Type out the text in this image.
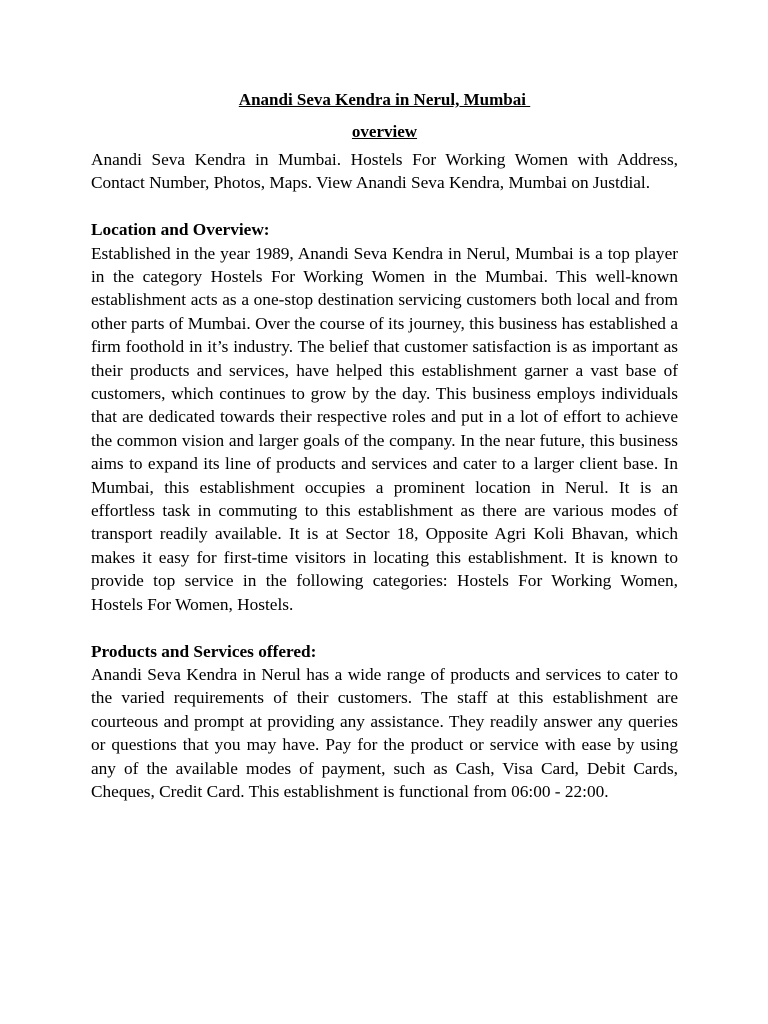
Anandi Seva Kendra in Nerul, Mumbai
overview

Anandi Seva Kendra in Mumbai. Hostels For Working Women with Address, Contact Number, Photos, Maps. View Anandi Seva Kendra, Mumbai on Justdial.

Location and Overview:

Established in the year 1989, Anandi Seva Kendra in Nerul, Mumbai is a top player in the category Hostels For Working Women in the Mumbai. This well-known establishment acts as a one-stop destination servicing customers both local and from other parts of Mumbai. Over the course of its journey, this business has established a firm foothold in it’s industry. The belief that customer satisfaction is as important as their products and services, have helped this establishment garner a vast base of customers, which continues to grow by the day. This business employs individuals that are dedicated towards their respective roles and put in a lot of effort to achieve the common vision and larger goals of the company. In the near future, this business aims to expand its line of products and services and cater to a larger client base. In Mumbai, this establishment occupies a prominent location in Nerul. It is an effortless task in commuting to this establishment as there are various modes of transport readily available. It is at Sector 18, Opposite Agri Koli Bhavan, which makes it easy for first-time visitors in locating this establishment. It is known to provide top service in the following categories: Hostels For Working Women, Hostels For Women, Hostels.

Products and Services offered:

Anandi Seva Kendra in Nerul has a wide range of products and services to cater to the varied requirements of their customers. The staff at this establishment are courteous and prompt at providing any assistance. They readily answer any queries or questions that you may have. Pay for the product or service with ease by using any of the available modes of payment, such as Cash, Visa Card, Debit Cards, Cheques, Credit Card. This establishment is functional from 06:00 - 22:00.
